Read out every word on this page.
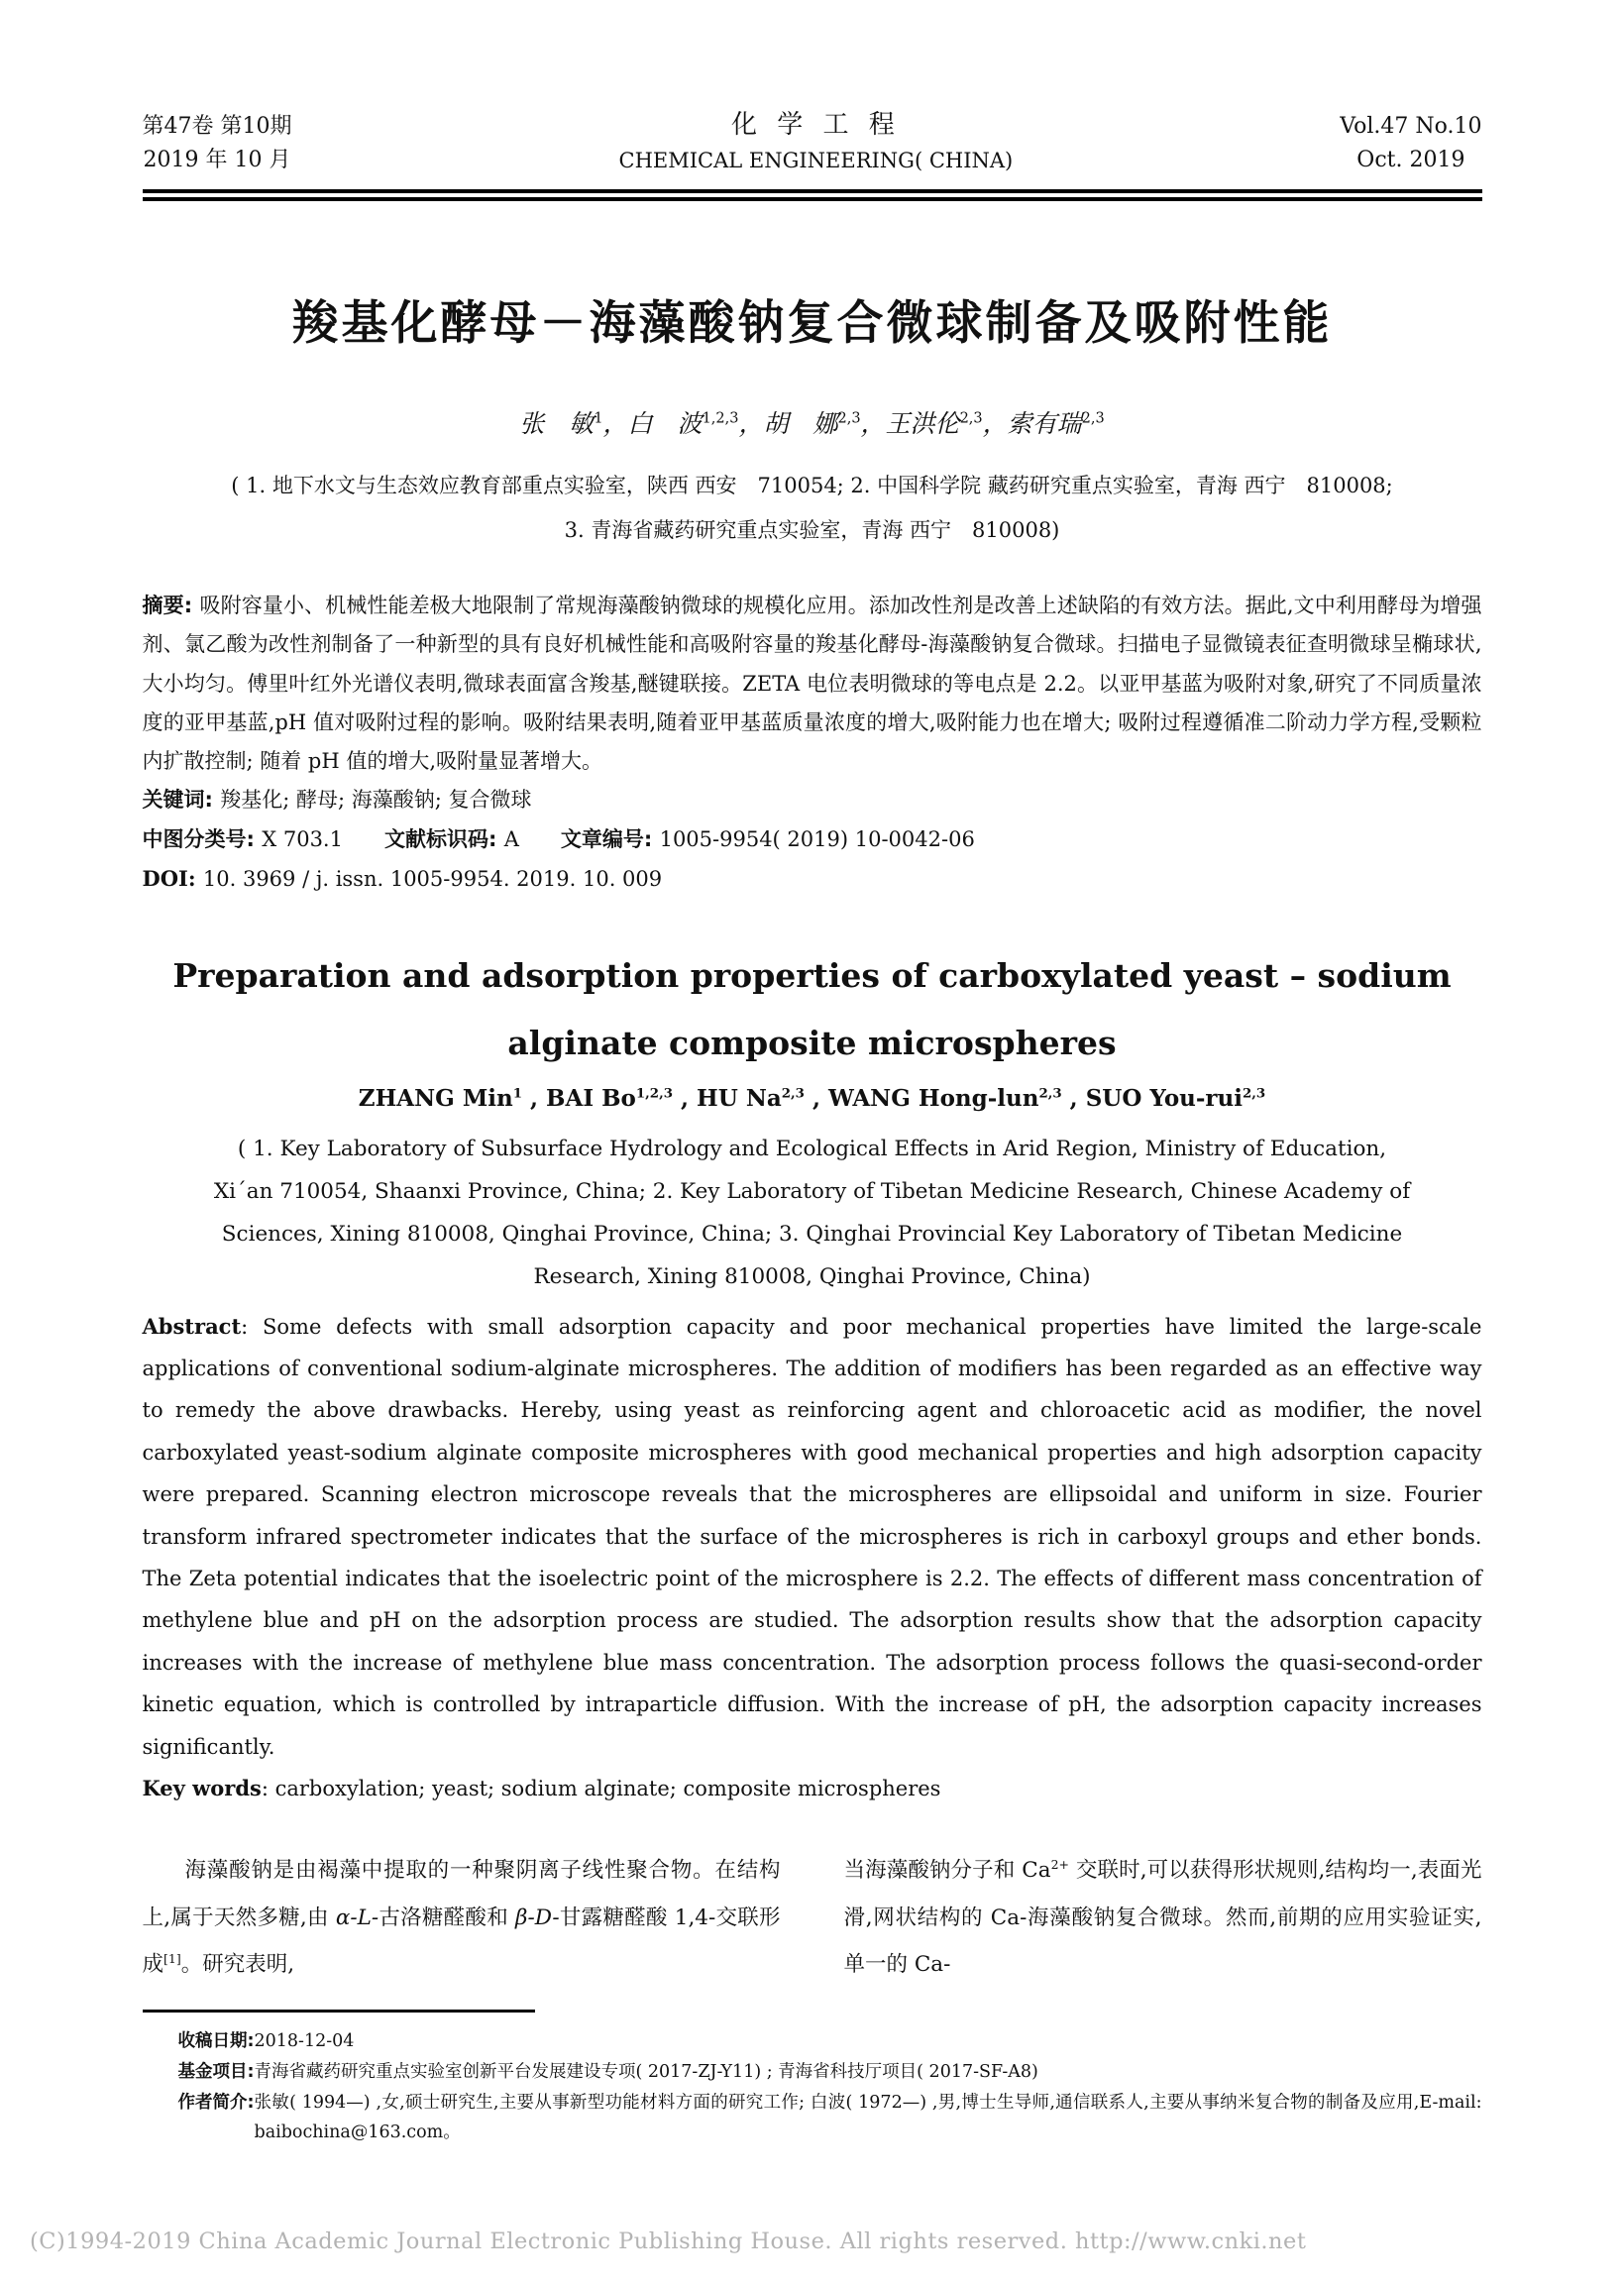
第47卷 第10期
2019 年 10 月
化 学 工 程
CHEMICAL ENGINEERING( CHINA)
Vol.47 No.10
Oct. 2019
羧基化酵母－海藻酸钠复合微球制备及吸附性能
张　敏$^1$，白　波$^{1,2,3}$，胡　娜$^{2,3}$，王洪伦$^{2,3}$，索有瑞$^{2,3}$
( 1. 地下水文与生态效应教育部重点实验室，陕西 西安　710054; 2. 中国科学院 藏药研究重点实验室，青海 西宁　810008;
3. 青海省藏药研究重点实验室，青海 西宁　810008)

摘要: 吸附容量小、机械性能差极大地限制了常规海藻酸钠微球的规模化应用。添加改性剂是改善上述缺陷的有效方法。据此,文中利用酵母为增强剂、氯乙酸为改性剂制备了一种新型的具有良好机械性能和高吸附容量的羧基化酵母-海藻酸钠复合微球。扫描电子显微镜表征查明微球呈椭球状,大小均匀。傅里叶红外光谱仪表明,微球表面富含羧基,醚键联接。ZETA 电位表明微球的等电点是 2.2。以亚甲基蓝为吸附对象,研究了不同质量浓度的亚甲基蓝,pH 值对吸附过程的影响。吸附结果表明,随着亚甲基蓝质量浓度的增大,吸附能力也在增大; 吸附过程遵循准二阶动力学方程,受颗粒内扩散控制; 随着 pH 值的增大,吸附量显著增大。

关键词: 羧基化; 酵母; 海藻酸钠; 复合微球

中图分类号: X 703.1   文献标识码: A   文章编号: 1005-9954( 2019) 10-0042-06

DOI: 10. 3969 / j. issn. 1005-9954. 2019. 10. 009

Preparation and adsorption properties of carboxylated yeast – sodium
alginate composite microspheres
ZHANG Min$^1$ , BAI Bo$^{1,2,3}$ , HU Na$^{2,3}$ , WANG Hong-lun$^{2,3}$ , SUO You-rui$^{2,3}$
( 1. Key Laboratory of Subsurface Hydrology and Ecological Effects in Arid Region, Ministry of Education,
Xi´an 710054, Shaanxi Province, China; 2. Key Laboratory of Tibetan Medicine Research, Chinese Academy of
Sciences, Xining 810008, Qinghai Province, China; 3. Qinghai Provincial Key Laboratory of Tibetan Medicine
Research, Xining 810008, Qinghai Province, China)

Abstract: Some defects with small adsorption capacity and poor mechanical properties have limited the large-scale applications of conventional sodium-alginate microspheres. The addition of modifiers has been regarded as an effective way to remedy the above drawbacks. Hereby, using yeast as reinforcing agent and chloroacetic acid as modifier, the novel carboxylated yeast-sodium alginate composite microspheres with good mechanical properties and high adsorption capacity were prepared. Scanning electron microscope reveals that the microspheres are ellipsoidal and uniform in size. Fourier transform infrared spectrometer indicates that the surface of the microspheres is rich in carboxyl groups and ether bonds. The Zeta potential indicates that the isoelectric point of the microsphere is 2.2. The effects of different mass concentration of methylene blue and pH on the adsorption process are studied. The adsorption results show that the adsorption capacity increases with the increase of methylene blue mass concentration. The adsorption process follows the quasi-second-order kinetic equation, which is controlled by intraparticle diffusion. With the increase of pH, the adsorption capacity increases significantly.

Key words: carboxylation; yeast; sodium alginate; composite microspheres

海藻酸钠是由褐藻中提取的一种聚阴离子线性聚合物。在结构上,属于天然多糖,由 α-L-古洛糖醛酸和 β-D-甘露糖醛酸 1,4-交联形成[1]。研究表明,

当海藻酸钠分子和 $Ca^{2+}$ 交联时,可以获得形状规则,结构均一,表面光滑,网状结构的 Ca-海藻酸钠复合微球。然而,前期的应用实验证实,单一的 Ca-

收稿日期: 2018-12-04
基金项目: 青海省藏药研究重点实验室创新平台发展建设专项( 2017-ZJ-Y11) ; 青海省科技厅项目( 2017-SF-A8)
作者简介: 张敏( 1994—) ,女,硕士研究生,主要从事新型功能材料方面的研究工作; 白波( 1972—) ,男,博士生导师,通信联系人,主要从事纳米复合物的制备及应用,E-mail: baibochina@163.com。
(C)1994-2019 China Academic Journal Electronic Publishing House. All rights reserved. http://www.cnki.net
